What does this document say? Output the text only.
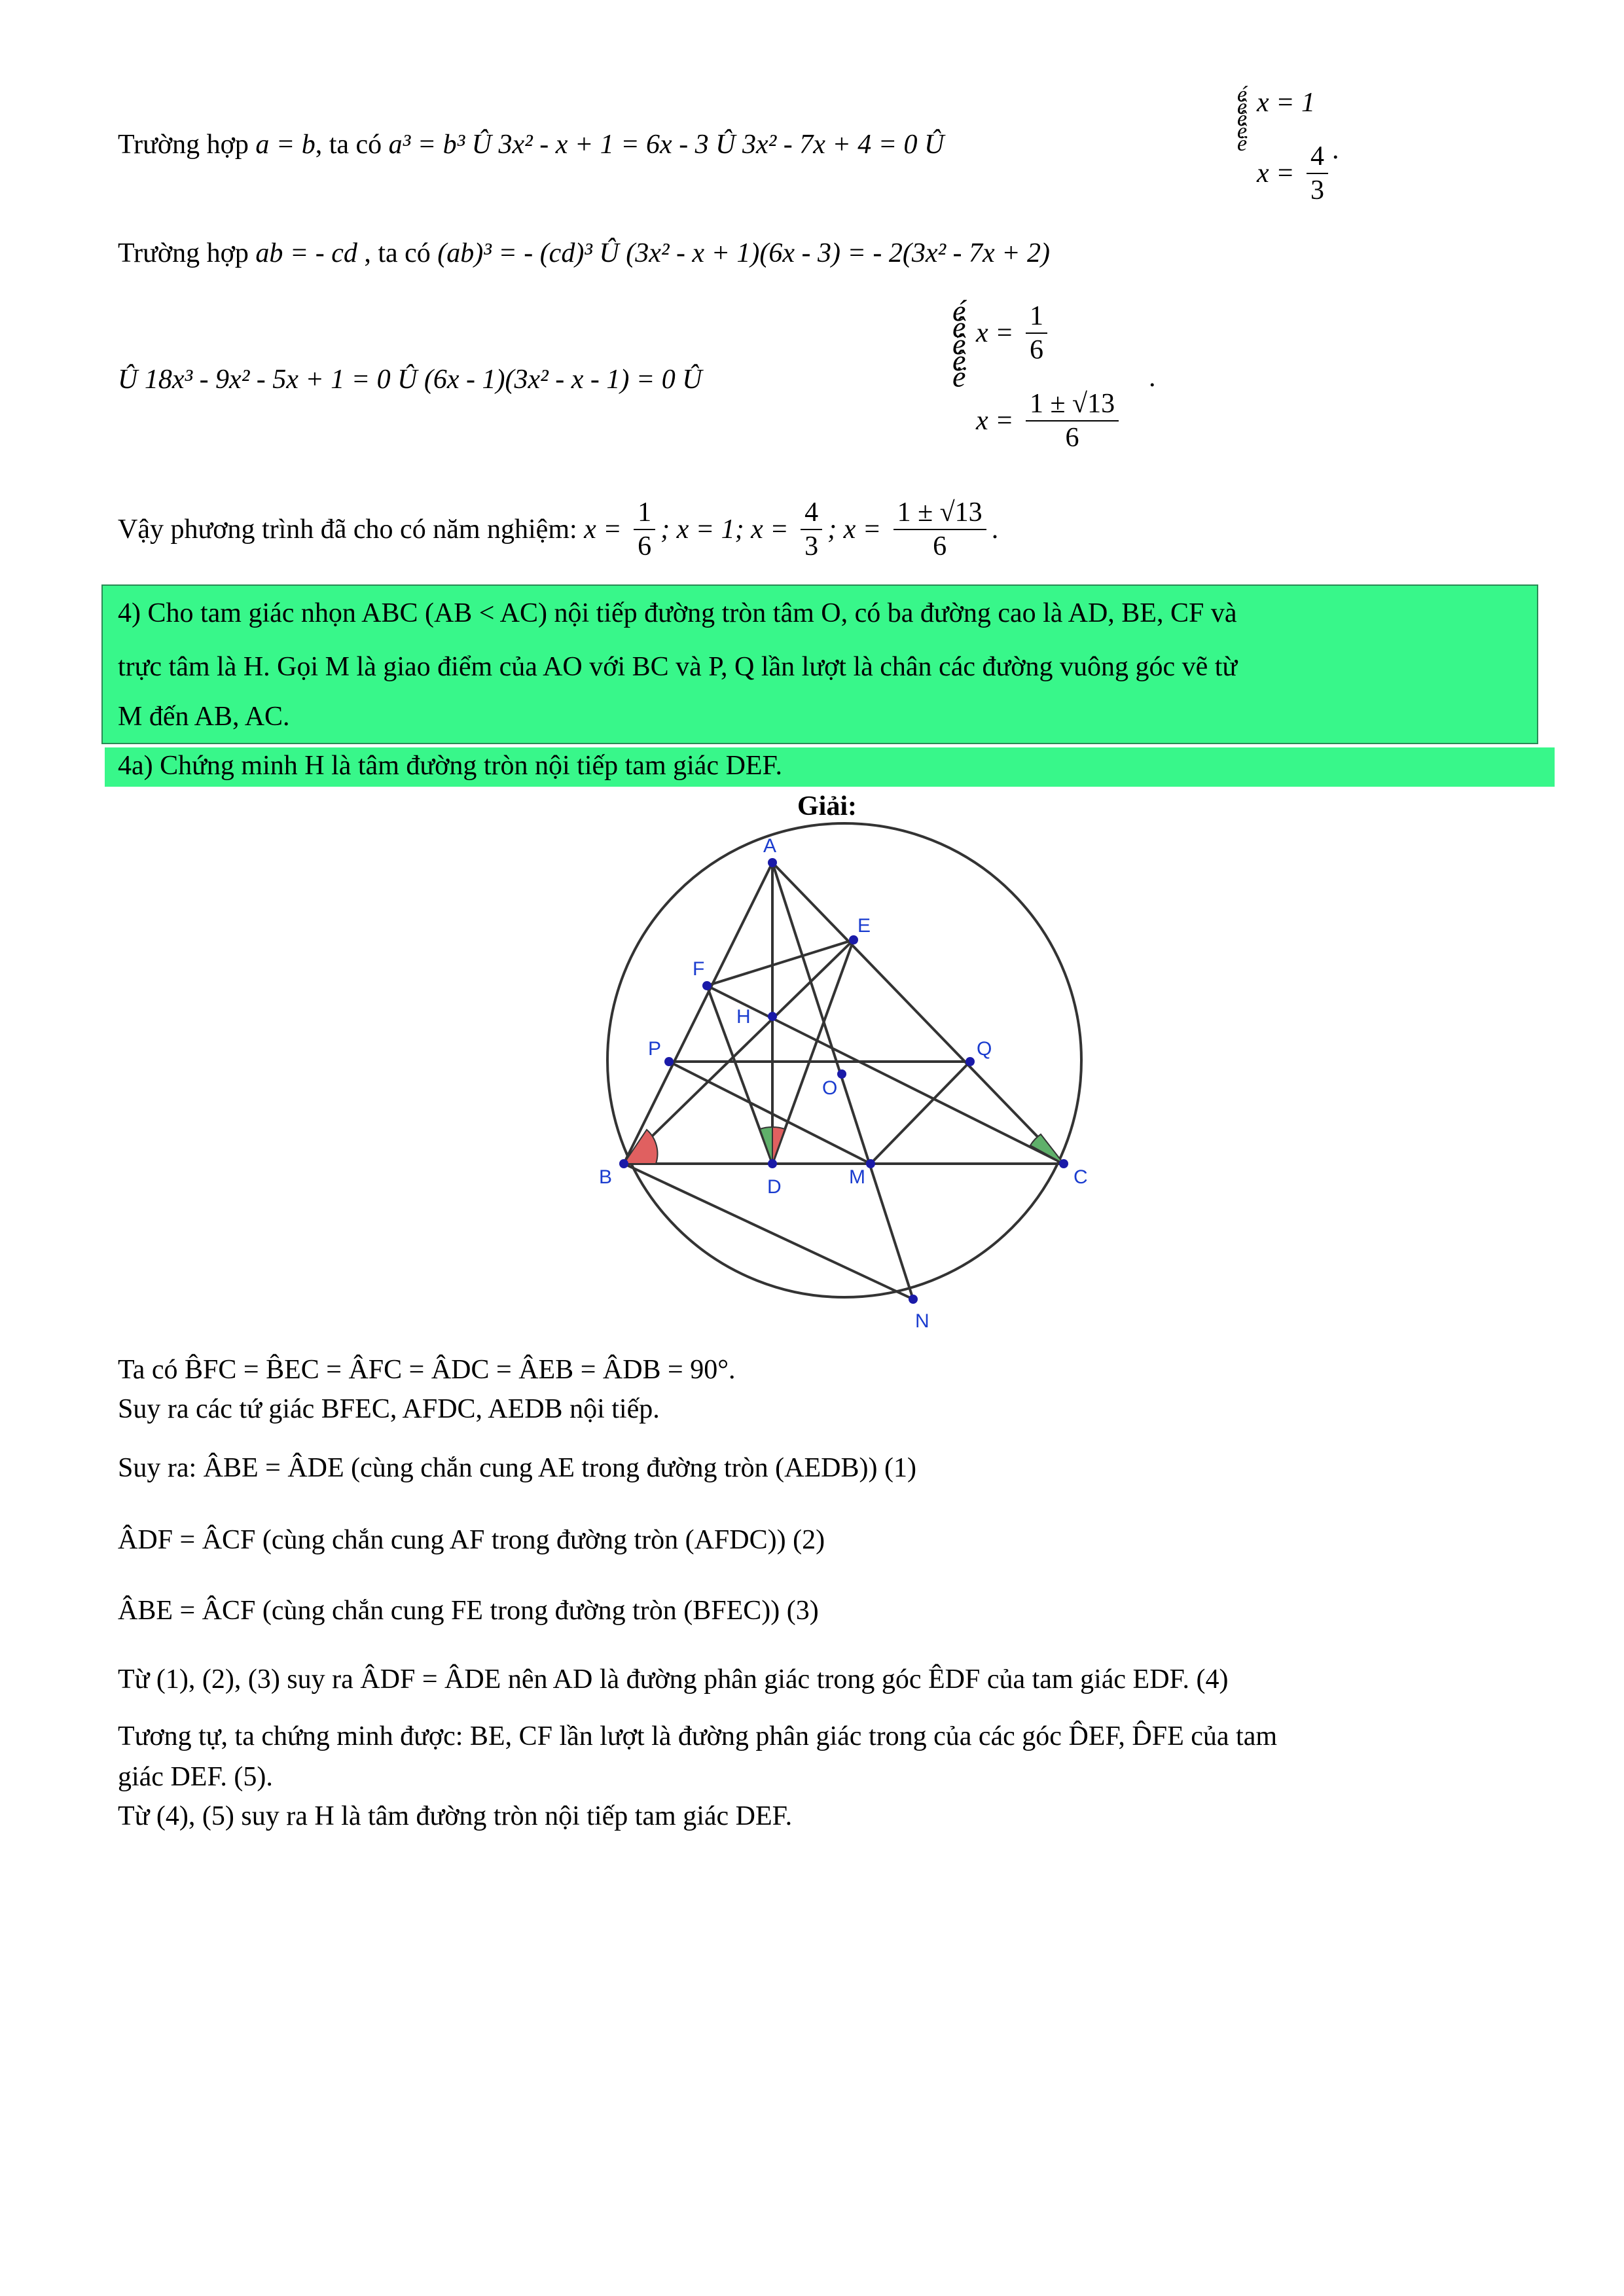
Trường hợp a = b, ta có a³ = b³ Û 3x² - x + 1 = 6x - 3 Û 3x² - 7x + 4 = 0 Û
é
ê
ê
ê
ë
x = 1
$x = \frac{4}{3}$ .
Trường hợp ab = - cd , ta có (ab)³ = - (cd)³ Û (3x² - x + 1)(6x - 3) = - 2(3x² - 7x + 2)
Û 18x³ - 9x² - 5x + 1 = 0 Û (6x - 1)(3x² - x - 1) = 0 Û
é
ê
ê
ê
ë
$x = \frac{1}{6}$
$x = \frac{1 \pm √13}{6}$
.
Vậy phương trình đã cho có năm nghiệm: $x = \frac{1}{6}$ ; x = 1; $x = \frac{4}{3}$ ; $x = \frac{1 \pm √13}{6}$ .
4) Cho tam giác nhọn ABC (AB < AC) nội tiếp đường tròn tâm O, có ba đường cao là AD, BE, CF và
trực tâm là H. Gọi M là giao điểm của AO với BC và P, Q lần lượt là chân các đường vuông góc vẽ từ
M đến AB, AC.
4a) Chứng minh H là tâm đường tròn nội tiếp tam giác DEF.
Giải:
A
E
F
H
P	Q
O
B	D	M	C
N
Ta có B̂FC = B̂EC = ÂFC = ÂDC = ÂEB = ÂDB = 90°.
Suy ra các tứ giác BFEC, AFDC, AEDB nội tiếp.
Suy ra: ÂBE = ÂDE (cùng chắn cung AE trong đường tròn (AEDB)) (1)
ÂDF = ÂCF (cùng chắn cung AF trong đường tròn (AFDC)) (2)
ÂBE = ÂCF (cùng chắn cung FE trong đường tròn (BFEC)) (3)
Từ (1), (2), (3) suy ra ÂDF = ÂDE nên AD là đường phân giác trong góc ÊDF của tam giác EDF. (4)
Tương tự, ta chứng minh được: BE, CF lần lượt là đường phân giác trong của các góc D̂EF, D̂FE của tam
giác DEF. (5).
Từ (4), (5) suy ra H là tâm đường tròn nội tiếp tam giác DEF.
